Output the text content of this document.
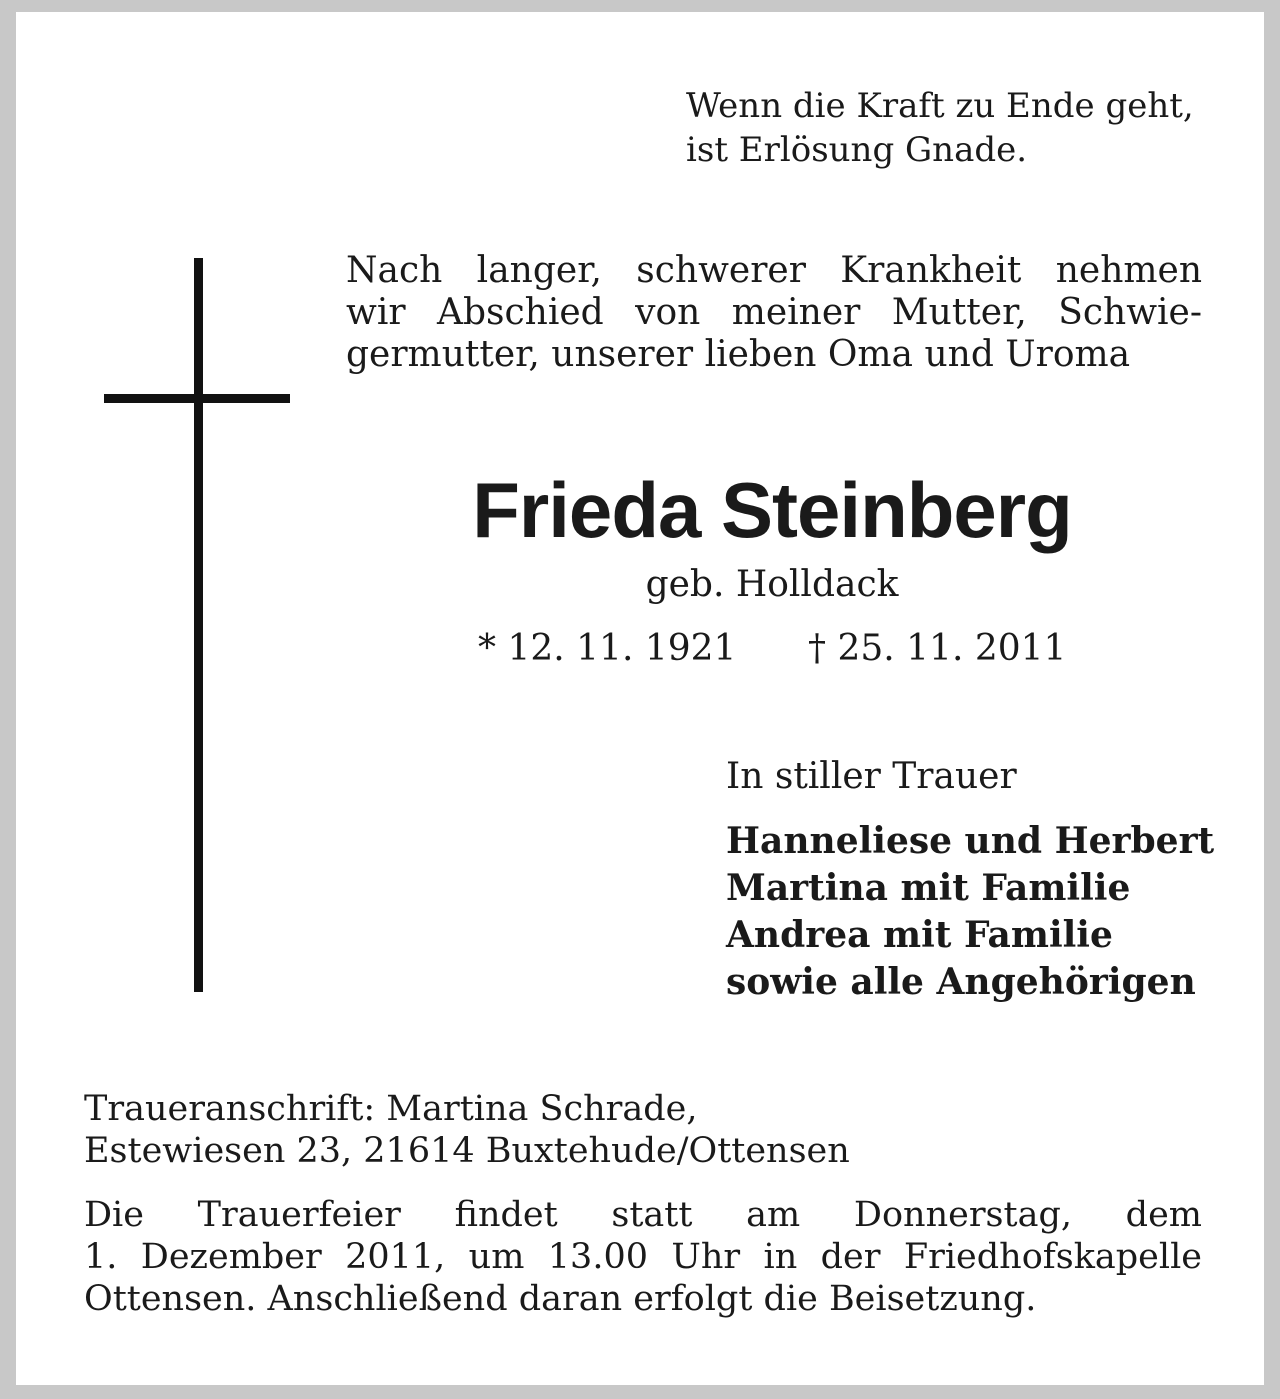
Wenn die Kraft zu Ende geht,
ist Erlösung Gnade.
Nach langer, schwerer Krankheit nehmen
wir Abschied von meiner Mutter, Schwie-
germutter, unserer lieben Oma und Uroma
Frieda Steinberg
geb. Holldack
* 12. 11. 1921 † 25. 11. 2011
In stiller Trauer
Hanneliese und Herbert
Martina mit Familie
Andrea mit Familie
sowie alle Angehörigen
Traueranschrift: Martina Schrade,
Estewiesen 23, 21614 Buxtehude/Ottensen
Die Trauerfeier findet statt am Donnerstag, dem
1. Dezember 2011, um 13.00 Uhr in der Friedhofskapelle
Ottensen. Anschließend daran erfolgt die Beisetzung.
